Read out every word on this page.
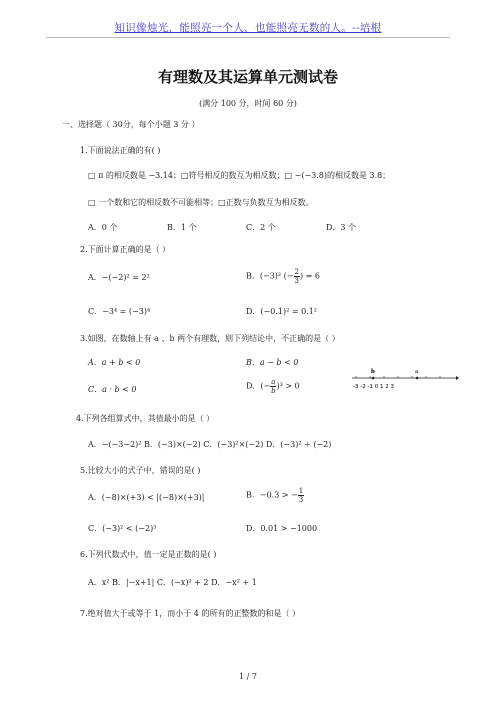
知识像烛光，能照亮一个人，也能照亮无数的人。--培根
有理数及其运算单元测试卷
(满分 100 分，时间 60 分)
一、选择题（ 30分，每个小题 3 分 ）
1.下面说法正确的有( )
□ π 的相反数是 −3.14；□符号相反的数互为相反数；□ −(−3.8)的相反数是 3.8；
□ 一个数和它的相反数不可能相等；□正数与负数互为相反数。
A．0 个	B．1 个	C．2 个	D．3 个
2.下面计算正确的是（ ）
A．−(−2)² = 2²	B．(−3)² (− $\frac{2}{3}$ ) = 6
C．−3⁴ = (−3)⁴	D．(−0.1)² = 0.1²
3.如图，在数轴上有 a 、b 两个有理数，则下列结论中，不正确的是（ ）
A．a + b < 0	B．a − b < 0
C．a · b < 0	D．(− $\frac{a}{b} )^3 > 0$
b	a
-3 -2 -1 0 1 2 3
4.下列各组算式中，其值最小的是（ ）
A．−(−3−2)² B．(−3)×(−2) C．(−3)²×(−2) D．(−3)² ÷ (−2)
5.比较大小的式子中，错误的是( )
A．(−8)×(+3) < |(−8)×(+3)|	B．−0.3 > − $\frac{1}{3}$
C．(−3)² < (−2)³	D．0.01 > −1000
6.下列代数式中，值一定是正数的是( )
A．x² B．|−x+1| C．(−x)² + 2 D．−x² + 1
7.绝对值大于或等于 1，而小于 4 的所有的正整数的和是（ ）
1 / 7
